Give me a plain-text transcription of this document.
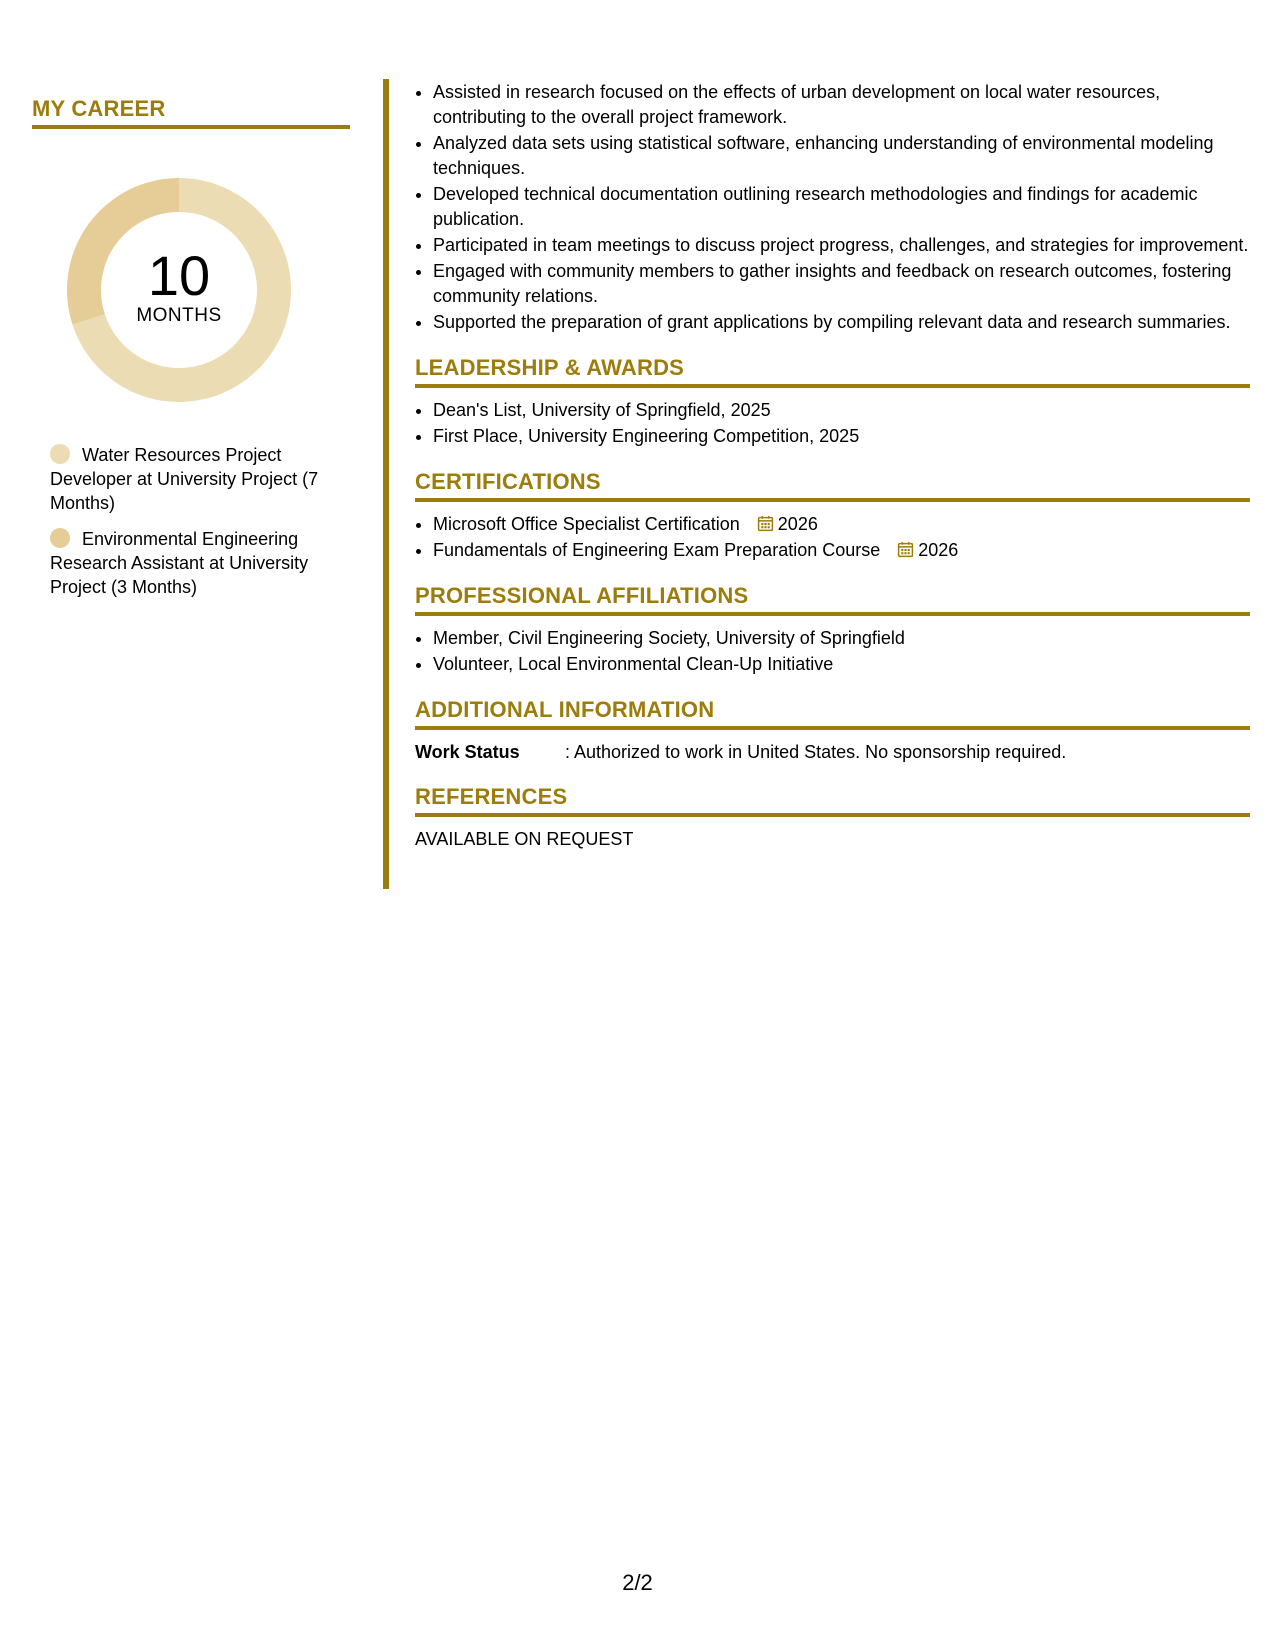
MY CAREER
10
MONTHS
Water Resources Project Developer at University Project (7 Months)
Environmental Engineering Research Assistant at University Project (3 Months)
• Assisted in research focused on the effects of urban development on local water resources, contributing to the overall project framework.
• Analyzed data sets using statistical software, enhancing understanding of environmental modeling techniques.
• Developed technical documentation outlining research methodologies and findings for academic publication.
• Participated in team meetings to discuss project progress, challenges, and strategies for improvement.
• Engaged with community members to gather insights and feedback on research outcomes, fostering community relations.
• Supported the preparation of grant applications by compiling relevant data and research summaries.
LEADERSHIP & AWARDS
• Dean's List, University of Springfield, 2025
• First Place, University Engineering Competition, 2025
CERTIFICATIONS
• Microsoft Office Specialist Certification 2026
• Fundamentals of Engineering Exam Preparation Course 2026
PROFESSIONAL AFFILIATIONS
• Member, Civil Engineering Society, University of Springfield
• Volunteer, Local Environmental Clean-Up Initiative
ADDITIONAL INFORMATION
Work Status	: Authorized to work in United States. No sponsorship required.
REFERENCES
AVAILABLE ON REQUEST
2/2
